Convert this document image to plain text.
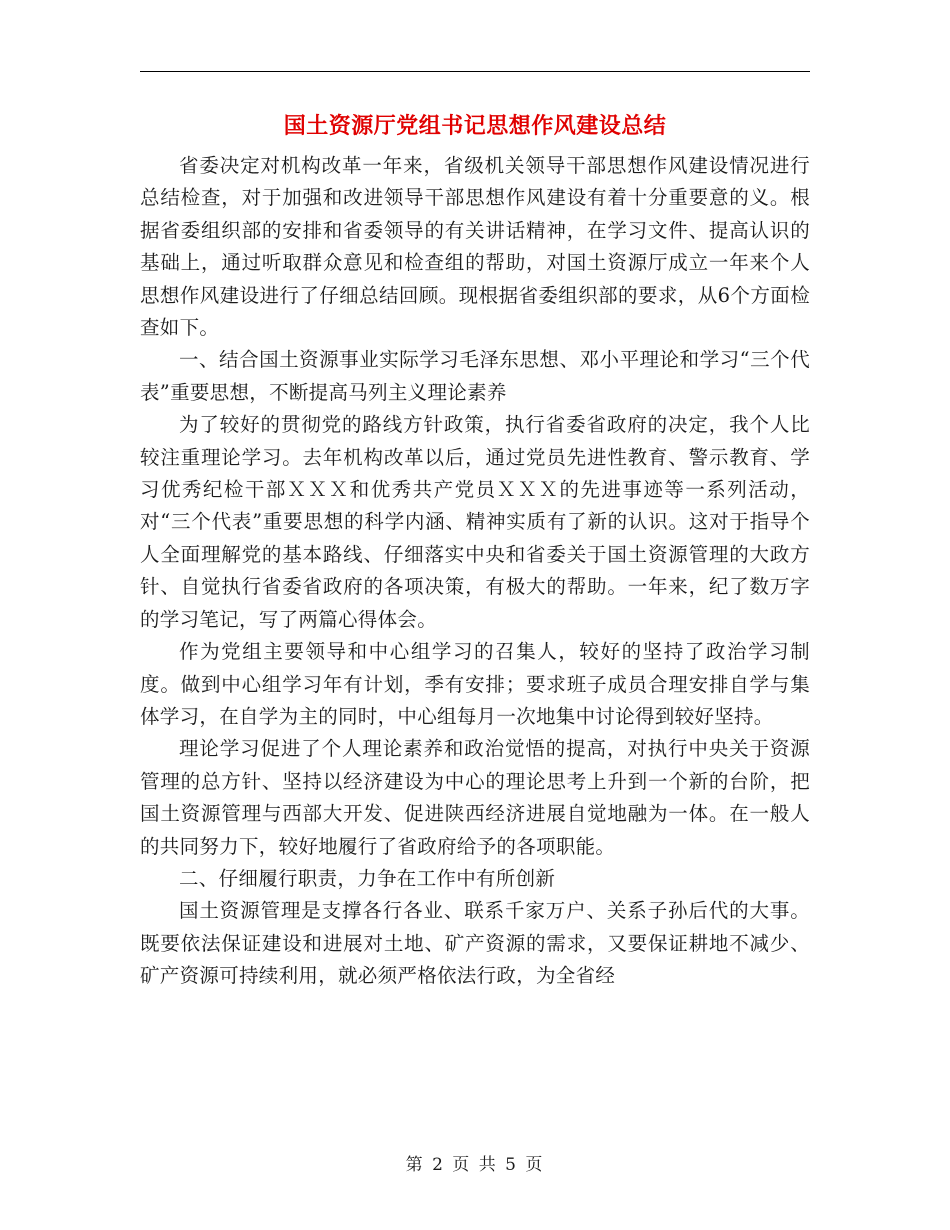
国土资源厅党组书记思想作风建设总结

省委决定对机构改革一年来，省级机关领导干部思想作风建设情况进行总结检查，对于加强和改进领导干部思想作风建设有着十分重要意的义。根据省委组织部的安排和省委领导的有关讲话精神，在学习文件、提高认识的基础上，通过听取群众意见和检查组的帮助，对国土资源厅成立一年来个人思想作风建设进行了仔细总结回顾。现根据省委组织部的要求，从6个方面检查如下。

一、结合国土资源事业实际学习毛泽东思想、邓小平理论和学习“三个代表”重要思想，不断提高马列主义理论素养

为了较好的贯彻党的路线方针政策，执行省委省政府的决定，我个人比较注重理论学习。去年机构改革以后，通过党员先进性教育、警示教育、学习优秀纪检干部ＸＸＸ和优秀共产党员ＸＸＸ的先进事迹等一系列活动，对“三个代表”重要思想的科学内涵、精神实质有了新的认识。这对于指导个人全面理解党的基本路线、仔细落实中央和省委关于国土资源管理的大政方针、自觉执行省委省政府的各项决策，有极大的帮助。一年来，纪了数万字的学习笔记，写了两篇心得体会。

作为党组主要领导和中心组学习的召集人，较好的坚持了政治学习制度。做到中心组学习年有计划，季有安排；要求班子成员合理安排自学与集体学习，在自学为主的同时，中心组每月一次地集中讨论得到较好坚持。

理论学习促进了个人理论素养和政治觉悟的提高，对执行中央关于资源管理的总方针、坚持以经济建设为中心的理论思考上升到一个新的台阶，把国土资源管理与西部大开发、促进陕西经济进展自觉地融为一体。在一般人的共同努力下，较好地履行了省政府给予的各项职能。

二、仔细履行职责，力争在工作中有所创新

国土资源管理是支撑各行各业、联系千家万户、关系子孙后代的大事。既要依法保证建设和进展对土地、矿产资源的需求，又要保证耕地不减少、矿产资源可持续利用，就必须严格依法行政，为全省经

第 2 页 共 5 页
